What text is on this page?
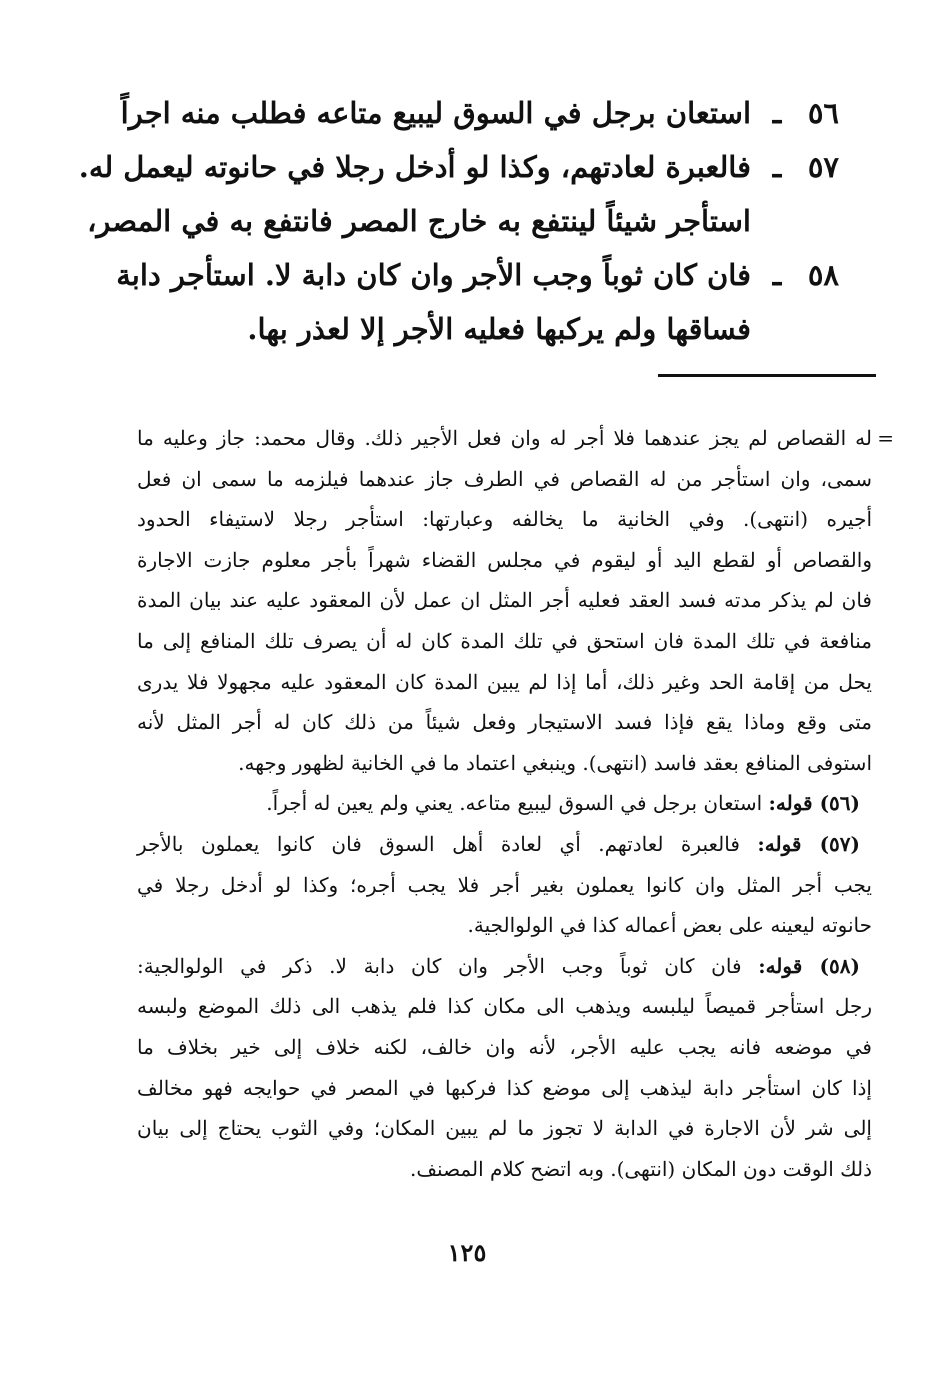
٥٦
ـ
استعان برجل في السوق ليبيع متاعه فطلب منه اجراً
٥٧
ـ
فالعبرة لعادتهم، وكذا لو أدخل رجلا في حانوته ليعمل له.
استأجر شيئاً لينتفع به خارج المصر فانتفع به في المصر،
٥٨
ـ
فان كان ثوباً وجب الأجر وان كان دابة لا. استأجر دابة
فساقها ولم يركبها فعليه الأجر إلا لعذر بها.
=
له القصاص لم يجز عندهما فلا أجر له وان فعل الأجير ذلك. وقال محمد: جاز وعليه ما
سمى، وان استأجر من له القصاص في الطرف جاز عندهما فيلزمه ما سمى ان فعل
أجيره (انتهى). وفي الخانية ما يخالفه وعبارتها: استأجر رجلا لاستيفاء الحدود
والقصاص أو لقطع اليد أو ليقوم في مجلس القضاء شهراً بأجر معلوم جازت الاجارة
فان لم يذكر مدته فسد العقد فعليه أجر المثل ان عمل لأن المعقود عليه عند بيان المدة
منافعة في تلك المدة فان استحق في تلك المدة كان له أن يصرف تلك المنافع إلى ما
يحل من إقامة الحد وغير ذلك، أما إذا لم يبين المدة كان المعقود عليه مجهولا فلا يدرى
متى وقع وماذا يقع فإذا فسد الاستيجار وفعل شيئاً من ذلك كان له أجر المثل لأنه
استوفى المنافع بعقد فاسد (انتهى). وينبغي اعتماد ما في الخانية لظهور وجهه.
(٥٦) قوله: استعان برجل في السوق ليبيع متاعه. يعني ولم يعين له أجراً.
(٥٧) قوله: فالعبرة لعادتهم. أي لعادة أهل السوق فان كانوا يعملون بالأجر
يجب أجر المثل وان كانوا يعملون بغير أجر فلا يجب أجره؛ وكذا لو أدخل رجلا في
حانوته ليعينه على بعض أعماله كذا في الولوالجية.
(٥٨) قوله: فان كان ثوباً وجب الأجر وان كان دابة لا. ذكر في الولوالجية:
رجل استأجر قميصاً ليلبسه ويذهب الى مكان كذا فلم يذهب الى ذلك الموضع ولبسه
في موضعه فانه يجب عليه الأجر، لأنه وان خالف، لكنه خلاف إلى خير بخلاف ما
إذا كان استأجر دابة ليذهب إلى موضع كذا فركبها في المصر في حوايجه فهو مخالف
إلى شر لأن الاجارة في الدابة لا تجوز ما لم يبين المكان؛ وفي الثوب يحتاج إلى بيان
ذلك الوقت دون المكان (انتهى). وبه اتضح كلام المصنف.
١٢٥
